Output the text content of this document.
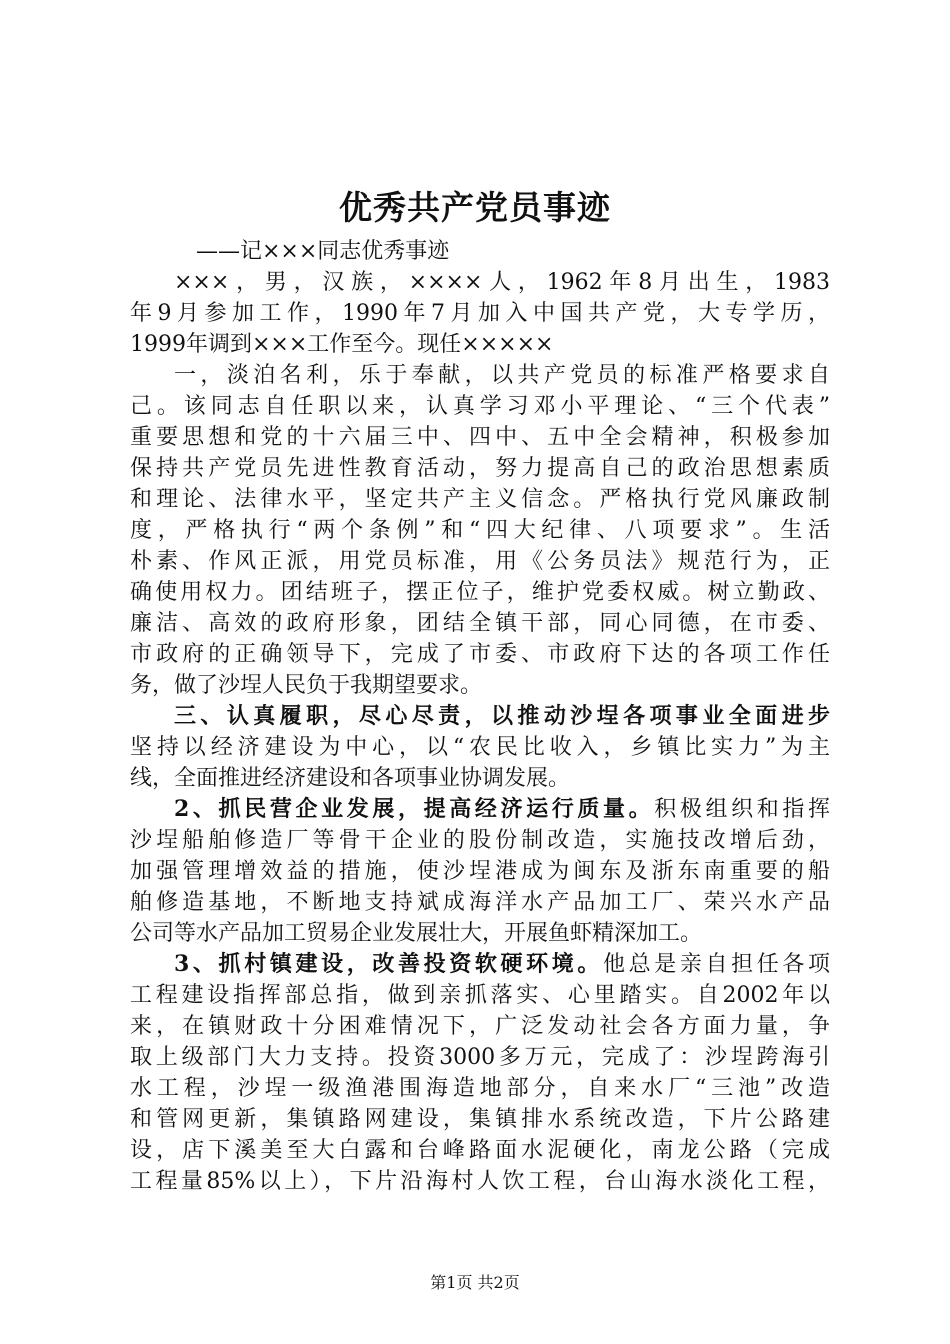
优秀共产党员事迹
——记×××同志优秀事迹
×××，男，汉族，××××人，1962年8月出生，1983
年9月参加工作，1990年7月加入中国共产党，大专学历，
1999年调到×××工作至今。现任×××××
一，淡泊名利，乐于奉献，以共产党员的标准严格要求自
己。该同志自任职以来，认真学习邓小平理论、“三个代表”
重要思想和党的十六届三中、四中、五中全会精神，积极参加
保持共产党员先进性教育活动，努力提高自己的政治思想素质
和理论、法律水平，坚定共产主义信念。严格执行党风廉政制
度，严格执行“两个条例”和“四大纪律、八项要求”。生活
朴素、作风正派，用党员标准，用《公务员法》规范行为，正
确使用权力。团结班子，摆正位子，维护党委权威。树立勤政、
廉洁、高效的政府形象，团结全镇干部，同心同德，在市委、
市政府的正确领导下，完成了市委、市政府下达的各项工作任
务，做了沙埕人民负于我期望要求。
三、认真履职，尽心尽责，以推动沙埕各项事业全面进步
坚持以经济建设为中心，以“农民比收入，乡镇比实力”为主
线，全面推进经济建设和各项事业协调发展。
2、抓民营企业发展，提高经济运行质量。积极组织和指挥
沙埕船舶修造厂等骨干企业的股份制改造，实施技改增后劲，
加强管理增效益的措施，使沙埕港成为闽东及浙东南重要的船
舶修造基地，不断地支持斌成海洋水产品加工厂、荣兴水产品
公司等水产品加工贸易企业发展壮大，开展鱼虾精深加工。
3、抓村镇建设，改善投资软硬环境。他总是亲自担任各项
工程建设指挥部总指，做到亲抓落实、心里踏实。自2002年以
来，在镇财政十分困难情况下，广泛发动社会各方面力量，争
取上级部门大力支持。投资3000多万元，完成了：沙埕跨海引
水工程，沙埕一级渔港围海造地部分，自来水厂“三池”改造
和管网更新，集镇路网建设，集镇排水系统改造，下片公路建
设，店下溪美至大白露和台峰路面水泥硬化，南龙公路（完成
工程量85%以上），下片沿海村人饮工程，台山海水淡化工程，
第1页 共2页
